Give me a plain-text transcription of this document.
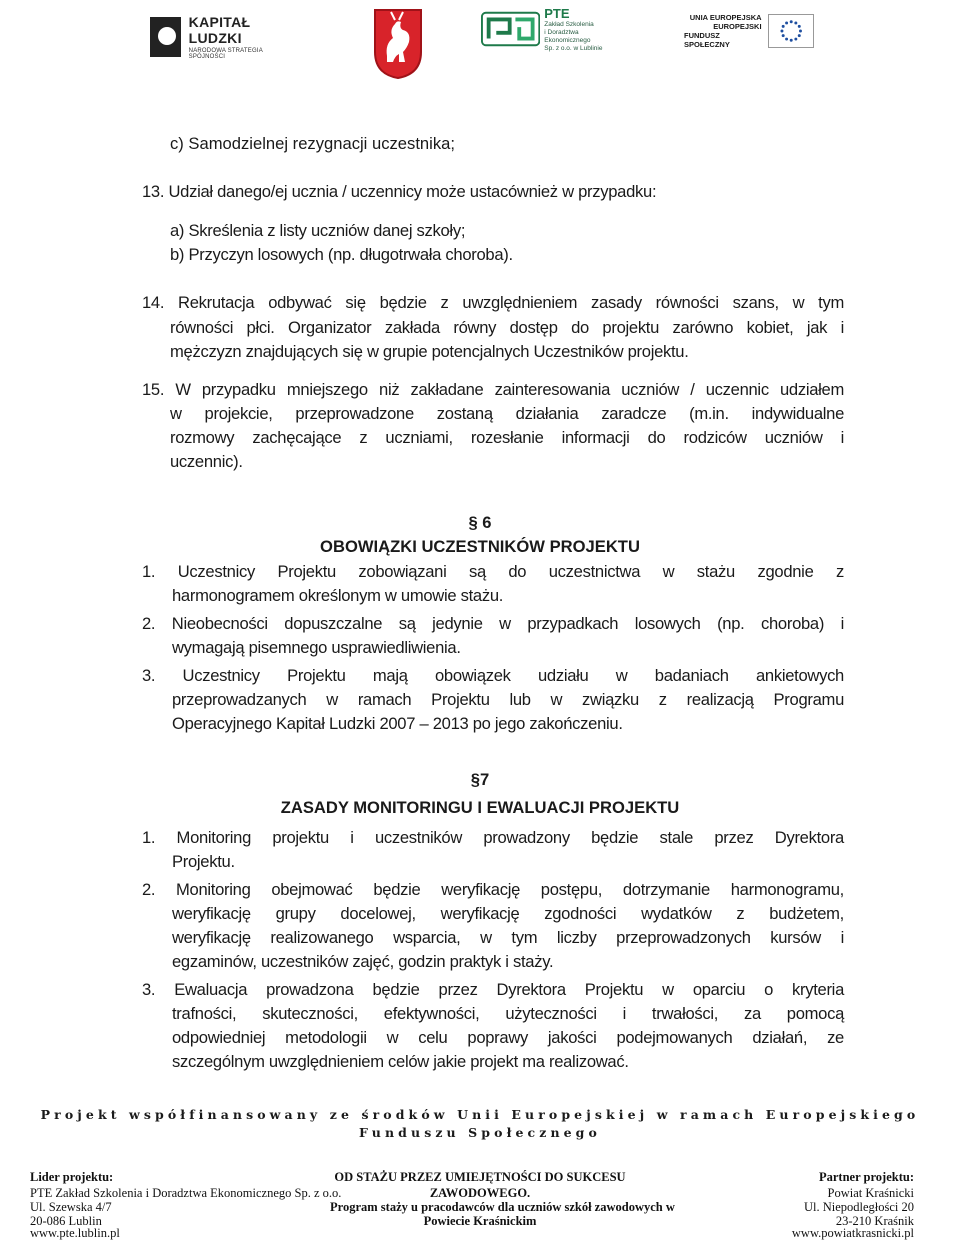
KAPITAŁ LUDZKI
NARODOWA STRATEGIA SPÓJNOŚCI
PTE
Zakład Szkolenia
i Doradztwa Ekonomicznego
Sp. z o.o. w Lublinie
UNIA EUROPEJSKA
EUROPEJSKI
FUNDUSZ SPOŁECZNY
c) Samodzielnej rezygnacji uczestnika;
13. Udział danego/ej ucznia / uczennicy może ustacównież w przypadku:
a) Skreślenia z listy uczniów danej szkoły;
b) Przyczyn losowych (np. długotrwała choroba).
14. Rekrutacja odbywać się będzie z uwzględnieniem zasady równości szans, w tym
równości płci. Organizator zakłada równy dostęp do projektu zarówno kobiet, jak i
mężczyzn znajdujących się w grupie potencjalnych Uczestników projektu.
15. W przypadku mniejszego niż zakładane zainteresowania uczniów / uczennic udziałem
w projekcie, przeprowadzone zostaną działania zaradcze (m.in. indywidualne
rozmowy zachęcające z uczniami, rozesłanie informacji do rodziców uczniów i
uczennic).
§ 6
OBOWIĄZKI UCZESTNIKÓW PROJEKTU
1. Uczestnicy Projektu zobowiązani są do uczestnictwa w stażu zgodnie z
harmonogramem określonym w umowie stażu.
2. Nieobecności dopuszczalne są jedynie w przypadkach losowych (np. choroba) i
wymagają pisemnego usprawiedliwienia.
3. Uczestnicy Projektu mają obowiązek udziału w badaniach ankietowych
przeprowadzanych w ramach Projektu lub w związku z realizacją Programu
Operacyjnego Kapitał Ludzki 2007 – 2013 po jego zakończeniu.
§7
ZASADY MONITORINGU I EWALUACJI PROJEKTU
1. Monitoring projektu i uczestników prowadzony będzie stale przez Dyrektora
Projektu.
2. Monitoring obejmować będzie weryfikację postępu, dotrzymanie harmonogramu,
weryfikację grupy docelowej, weryfikację zgodności wydatków z budżetem,
weryfikację realizowanego wsparcia, w tym liczby przeprowadzonych kursów i
egzaminów, uczestników zajęć, godzin praktyk i staży.
3. Ewaluacja prowadzona będzie przez Dyrektora Projektu w oparciu o kryteria
trafności, skuteczności, efektywności, użyteczności i trwałości, za pomocą
odpowiedniej metodologii w celu poprawy jakości podejmowanych działań, ze
szczególnym uwzględnieniem celów jakie projekt ma realizować.
Projekt współfinansowany ze środków Unii Europejskiej w ramach Europejskiego
Funduszu Społecznego
Lider projektu:
PTE Zakład Szkolenia i Doradztwa Ekonomicznego Sp. z o.o.
Ul. Szewska 4/7
20-086 Lublin
www.pte.lublin.pl
OD STAŻU PRZEZ UMIEJĘTNOŚCI DO SUKCESU
ZAWODOWEGO.
Program staży u pracodawców dla uczniów szkół zawodowych w
Powiecie Kraśnickim
Partner projektu:
Powiat Kraśnicki
Ul. Niepodległości 20
23-210 Kraśnik
www.powiatkrasnicki.pl
